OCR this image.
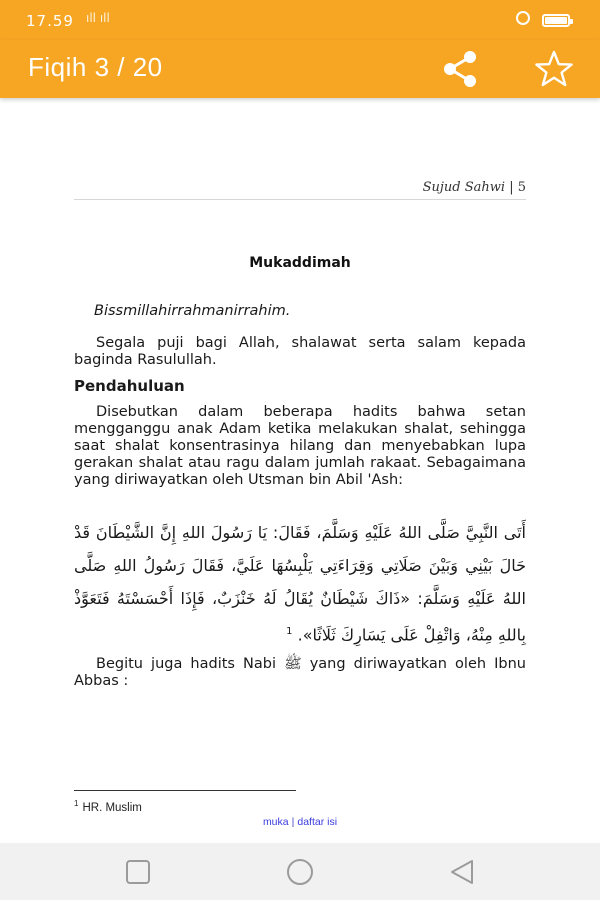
17.59 ıll ıll
Fiqih 3 / 20
Sujud Sahwi | 5
Mukaddimah
Bissmillahirrahmanirrahim.
Segala puji bagi Allah, shalawat serta salam kepada baginda Rasulullah.
Pendahuluan
Disebutkan dalam beberapa hadits bahwa setan mengganggu anak Adam ketika melakukan shalat, sehingga saat shalat konsentrasinya hilang dan menyebabkan lupa gerakan shalat atau ragu dalam jumlah rakaat. Sebagaimana yang diriwayatkan oleh Utsman bin Abil 'Ash:
أَتَى النَّبِيَّ صَلَّى اللهُ عَلَيْهِ وَسَلَّمَ، فَقَالَ: يَا رَسُولَ اللهِ إِنَّ الشَّيْطَانَ قَدْ حَالَ بَيْنِي وَبَيْنَ صَلَاتِي وَقِرَاءَتِي يَلْبِسُهَا عَلَيَّ، فَقَالَ رَسُولُ اللهِ صَلَّى اللهُ عَلَيْهِ وَسَلَّمَ: «ذَاكَ شَيْطَانٌ يُقَالُ لَهُ خَنْزَبٌ، فَإِذَا أَحْسَسْتَهُ فَتَعَوَّذْ بِاللهِ مِنْهُ، وَاتْفِلْ عَلَى يَسَارِكَ ثَلَاثًا». $^1$
Begitu juga hadits Nabi ﷺ yang diriwayatkan oleh Ibnu Abbas :
$^1$ HR. Muslim
muka | daftar isi
